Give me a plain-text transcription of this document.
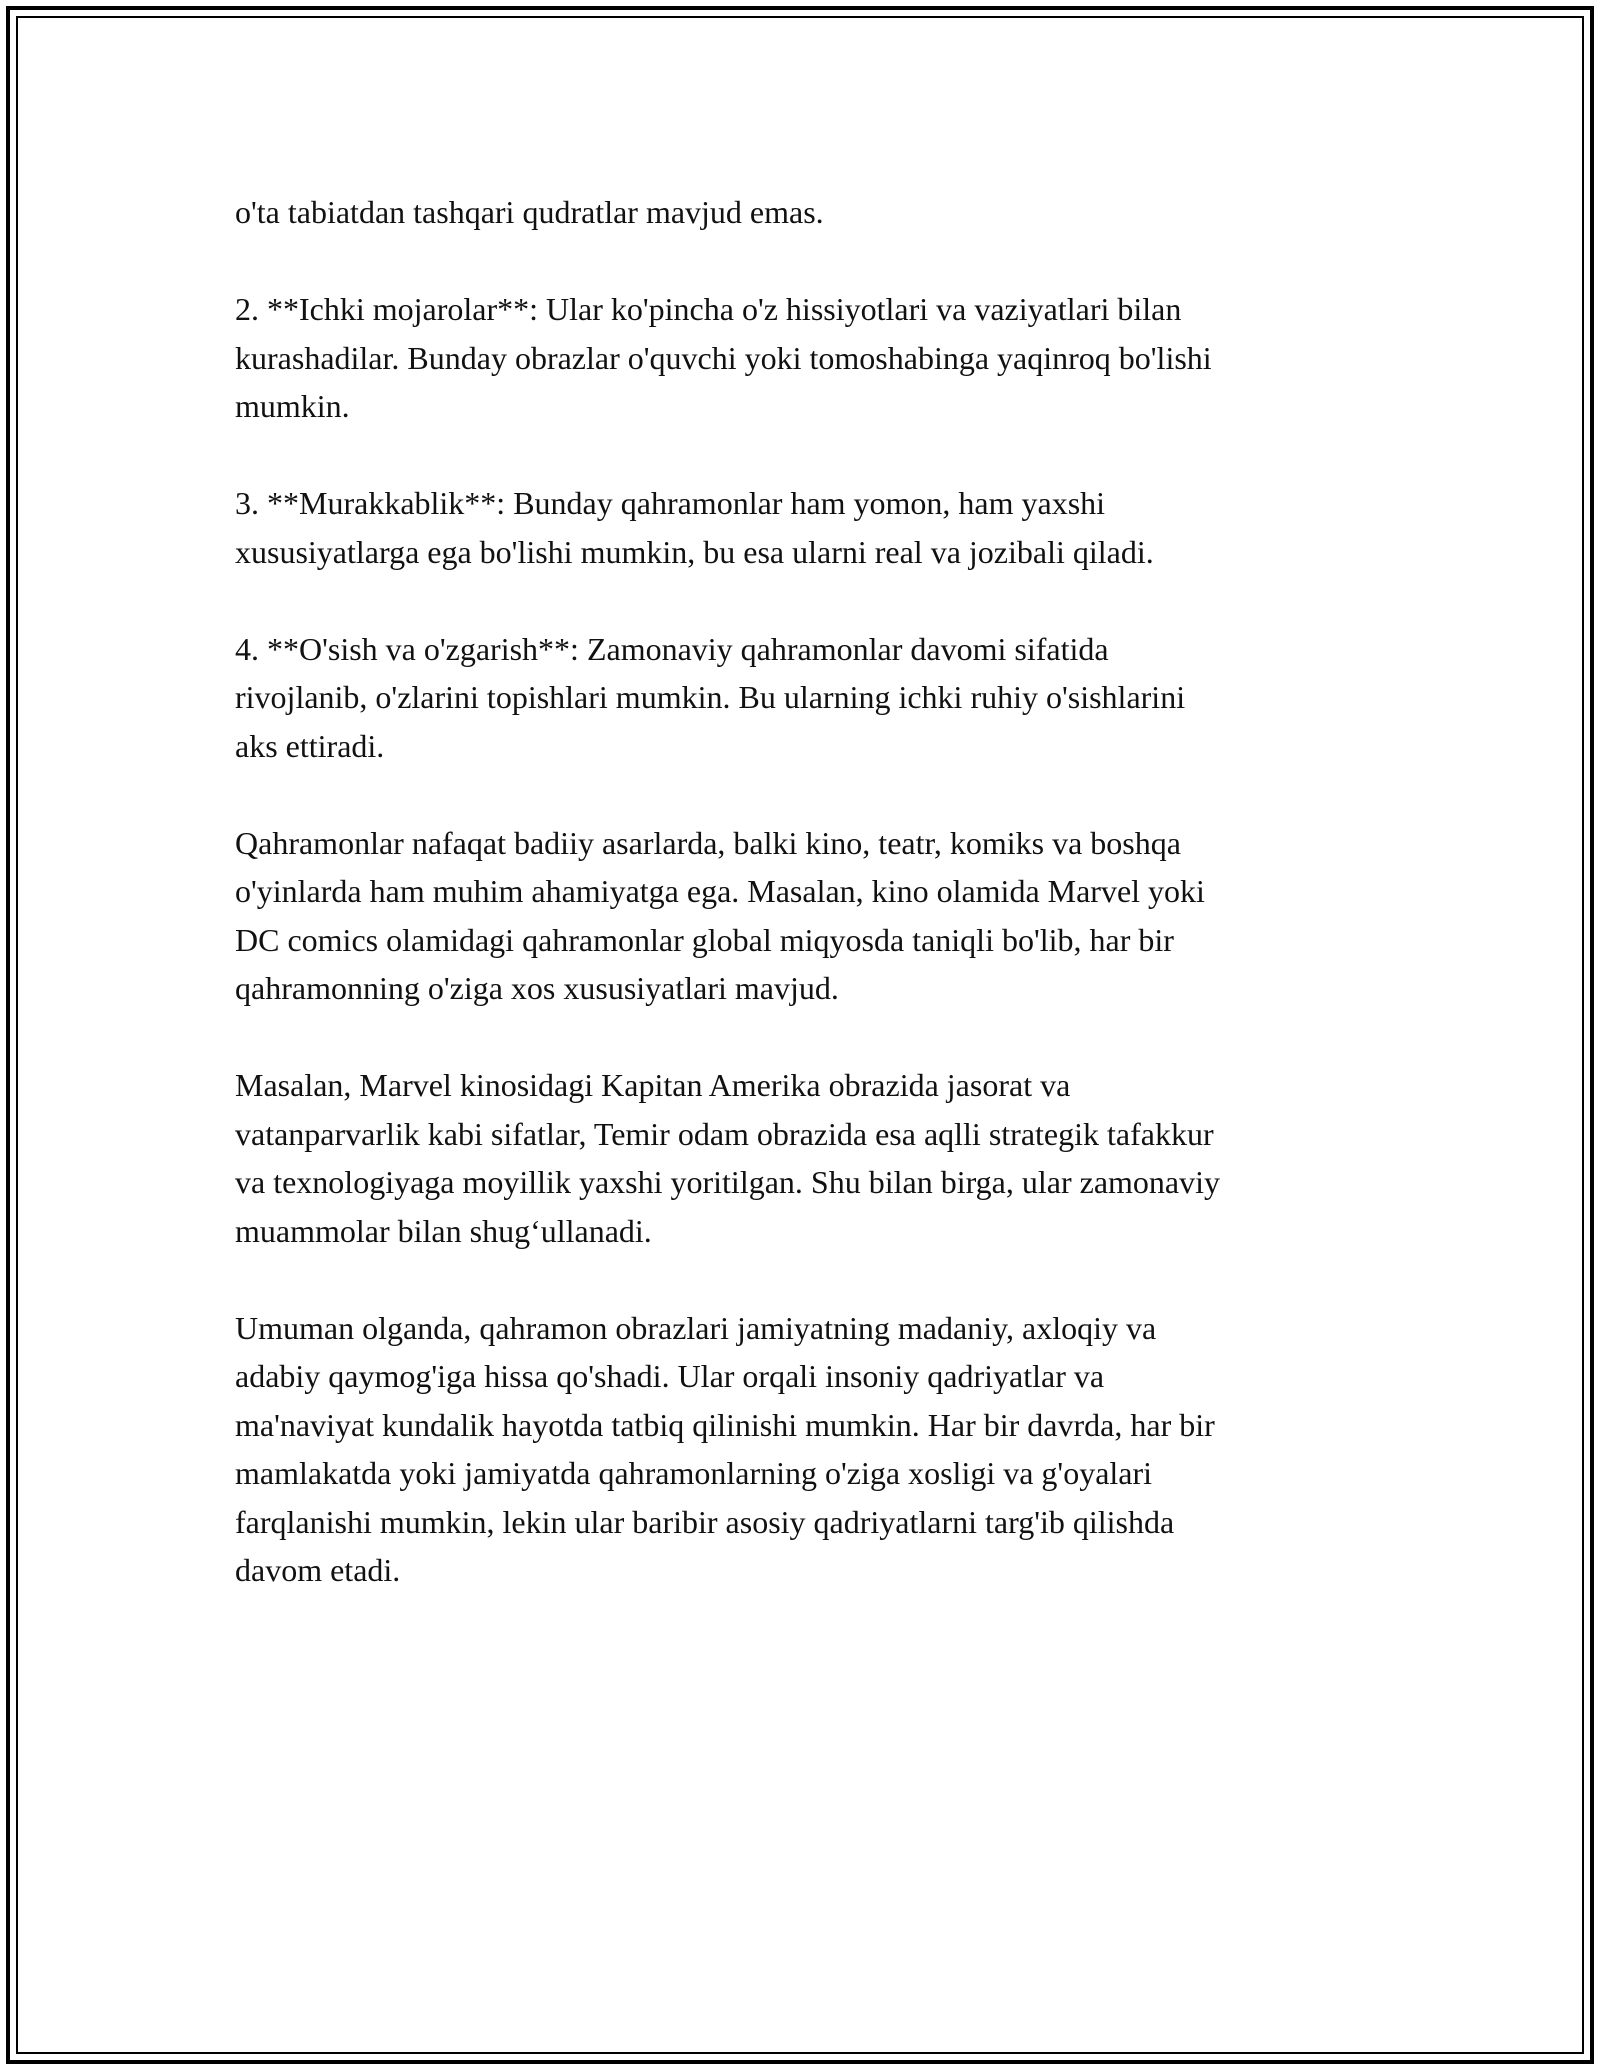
o'ta tabiatdan tashqari qudratlar mavjud emas.

2. **Ichki mojarolar**: Ular ko'pincha o'z hissiyotlari va vaziyatlari bilan
kurashadilar. Bunday obrazlar o'quvchi yoki tomoshabinga yaqinroq bo'lishi
mumkin.

3. **Murakkablik**: Bunday qahramonlar ham yomon, ham yaxshi
xususiyatlarga ega bo'lishi mumkin, bu esa ularni real va jozibali qiladi.

4. **O'sish va o'zgarish**: Zamonaviy qahramonlar davomi sifatida
rivojlanib, o'zlarini topishlari mumkin. Bu ularning ichki ruhiy o'sishlarini
aks ettiradi.

Qahramonlar nafaqat badiiy asarlarda, balki kino, teatr, komiks va boshqa
o'yinlarda ham muhim ahamiyatga ega. Masalan, kino olamida Marvel yoki
DC comics olamidagi qahramonlar global miqyosda taniqli bo'lib, har bir
qahramonning o'ziga xos xususiyatlari mavjud.

Masalan, Marvel kinosidagi Kapitan Amerika obrazida jasorat va
vatanparvarlik kabi sifatlar, Temir odam obrazida esa aqlli strategik tafakkur
va texnologiyaga moyillik yaxshi yoritilgan. Shu bilan birga, ular zamonaviy
muammolar bilan shug‘ullanadi.

Umuman olganda, qahramon obrazlari jamiyatning madaniy, axloqiy va
adabiy qaymog'iga hissa qo'shadi. Ular orqali insoniy qadriyatlar va
ma'naviyat kundalik hayotda tatbiq qilinishi mumkin. Har bir davrda, har bir
mamlakatda yoki jamiyatda qahramonlarning o'ziga xosligi va g'oyalari
farqlanishi mumkin, lekin ular baribir asosiy qadriyatlarni targ'ib qilishda
davom etadi.
